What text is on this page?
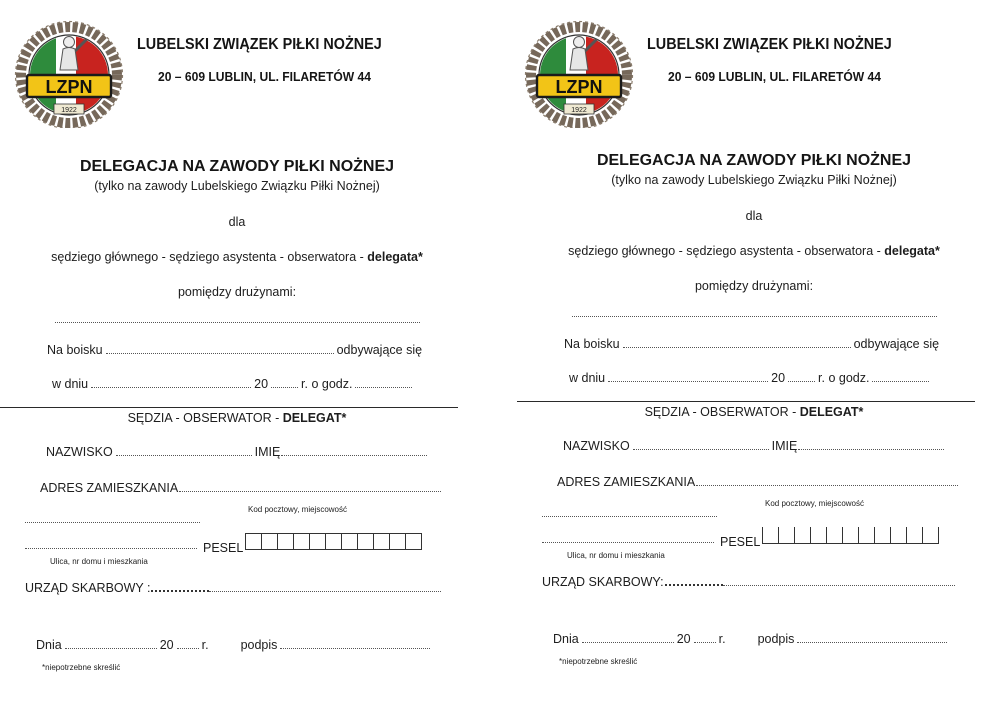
LZPN
1922
LUBELSKI ZWIĄZEK PIŁKI NOŻNEJ
20 – 609 LUBLIN, UL. FILARETÓW 44
DELEGACJA NA ZAWODY PIŁKI NOŻNEJ
(tylko na zawody Lubelskiego Związku Piłki Nożnej)
dla
sędziego głównego - sędziego asystenta - obserwatora - delegata*
pomiędzy drużynami:
Na boisku	odbywające się
w dniu	20	r. o godz.
SĘDZIA - OBSERWATOR - DELEGAT*
NAZWISKO	IMIĘ
ADRES ZAMIESZKANIA
Kod pocztowy, miejscowość
PESEL
Ulica, nr domu i mieszkania
URZĄD SKARBOWY :
Dnia	20 r.	podpis
*niepotrzebne skreślić
LZPN
1922
LUBELSKI ZWIĄZEK PIŁKI NOŻNEJ
20 – 609 LUBLIN, UL. FILARETÓW 44
DELEGACJA NA ZAWODY PIŁKI NOŻNEJ
(tylko na zawody Lubelskiego Związku Piłki Nożnej)
dla
sędziego głównego - sędziego asystenta - obserwatora - delegata*
pomiędzy drużynami:
Na boisku	odbywające się
w dniu	20	r. o godz.
SĘDZIA - OBSERWATOR - DELEGAT*
NAZWISKO	IMIĘ
ADRES ZAMIESZKANIA
Kod pocztowy, miejscowość
PESEL
Ulica, nr domu i mieszkania
URZĄD SKARBOWY:
Dnia	20 r.	podpis
*niepotrzebne skreślić
